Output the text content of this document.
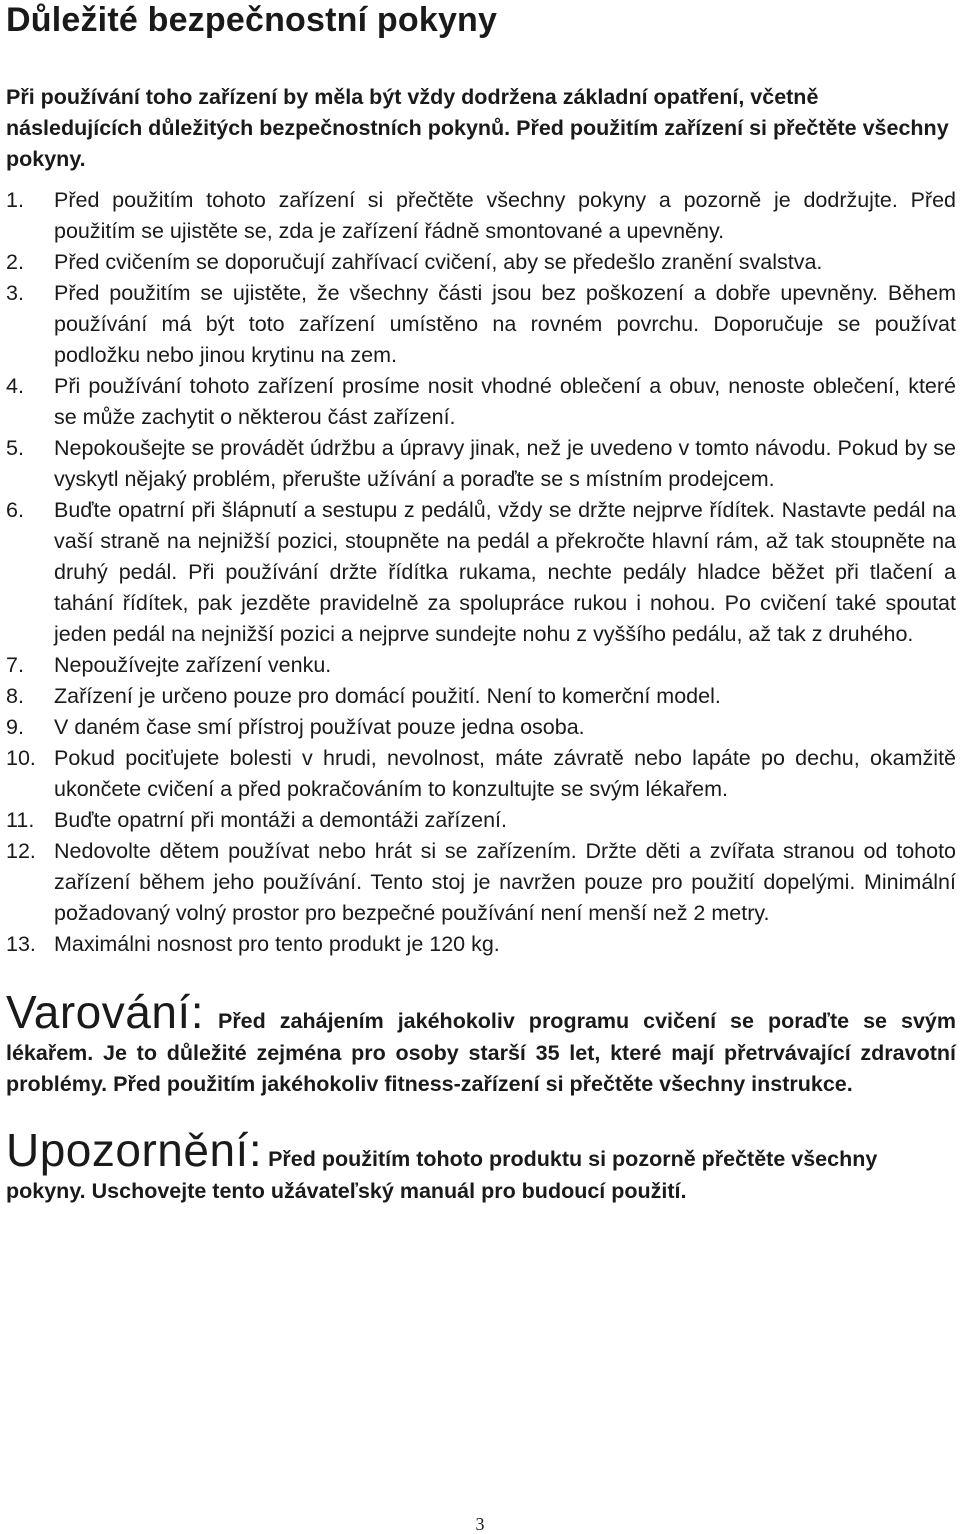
Důležité bezpečnostní pokyny

Při používání toho zařízení by měla být vždy dodržena základní opatření, včetně následujících důležitých bezpečnostních pokynů. Před použitím zařízení si přečtěte všechny pokyny.

1.	Před použitím tohoto zařízení si přečtěte všechny pokyny a pozorně je dodržujte. Před použitím se ujistěte se, zda je zařízení řádně smontované a upevněny.
2.	Před cvičením se doporučují zahřívací cvičení, aby se předešlo zranění svalstva.
3.	Před použitím se ujistěte, že všechny části jsou bez poškození a dobře upevněny. Během používání má být toto zařízení umístěno na rovném povrchu. Doporučuje se používat podložku nebo jinou krytinu na zem.
4.	Při používání tohoto zařízení prosíme nosit vhodné oblečení a obuv, nenoste oblečení, které se může zachytit o některou část zařízení.
5.	Nepokoušejte se provádět údržbu a úpravy jinak, než je uvedeno v tomto návodu. Pokud by se vyskytl nějaký problém, přerušte užívání a poraďte se s místním prodejcem.
6.	Buďte opatrní při šlápnutí a sestupu z pedálů, vždy se držte nejprve řídítek. Nastavte pedál na vaší straně na nejnižší pozici, stoupněte na pedál a překročte hlavní rám, až tak stoupněte na druhý pedál. Při používání držte řídítka rukama, nechte pedály hladce běžet při tlačení a tahání řídítek, pak jezděte pravidelně za spolupráce rukou i nohou. Po cvičení také spoutat jeden pedál na nejnižší pozici a nejprve sundejte nohu z vyššího pedálu, až tak z druhého.
7.	Nepoužívejte zařízení venku.
8.	Zařízení je určeno pouze pro domácí použití. Není to komerční model.
9.	V daném čase smí přístroj používat pouze jedna osoba.
10. Pokud pociťujete bolesti v hrudi, nevolnost, máte závratě nebo lapáte po dechu, okamžitě ukončete cvičení a před pokračováním to konzultujte se svým lékařem.
11. Buďte opatrní při montáži a demontáži zařízení.
12. Nedovolte dětem používat nebo hrát si se zařízením. Držte děti a zvířata stranou od tohoto zařízení během jeho používání. Tento stoj je navržen pouze pro použití dopelými. Minimální požadovaný volný prostor pro bezpečné používání není menší než 2 metry.
13. Maximálni nosnost pro tento produkt je 120 kg.
Varování: Před zahájením jakéhokoliv programu cvičení se poraďte se svým lékařem. Je to důležité zejména pro osoby starší 35 let, které mají přetrvávající zdravotní problémy. Před použitím jakéhokoliv fitness-zařízení si přečtěte všechny instrukce.
Upozornění: Před použitím tohoto produktu si pozorně přečtěte všechny pokyny. Uschovejte tento užávateľský manuál pro budoucí použití.
3
